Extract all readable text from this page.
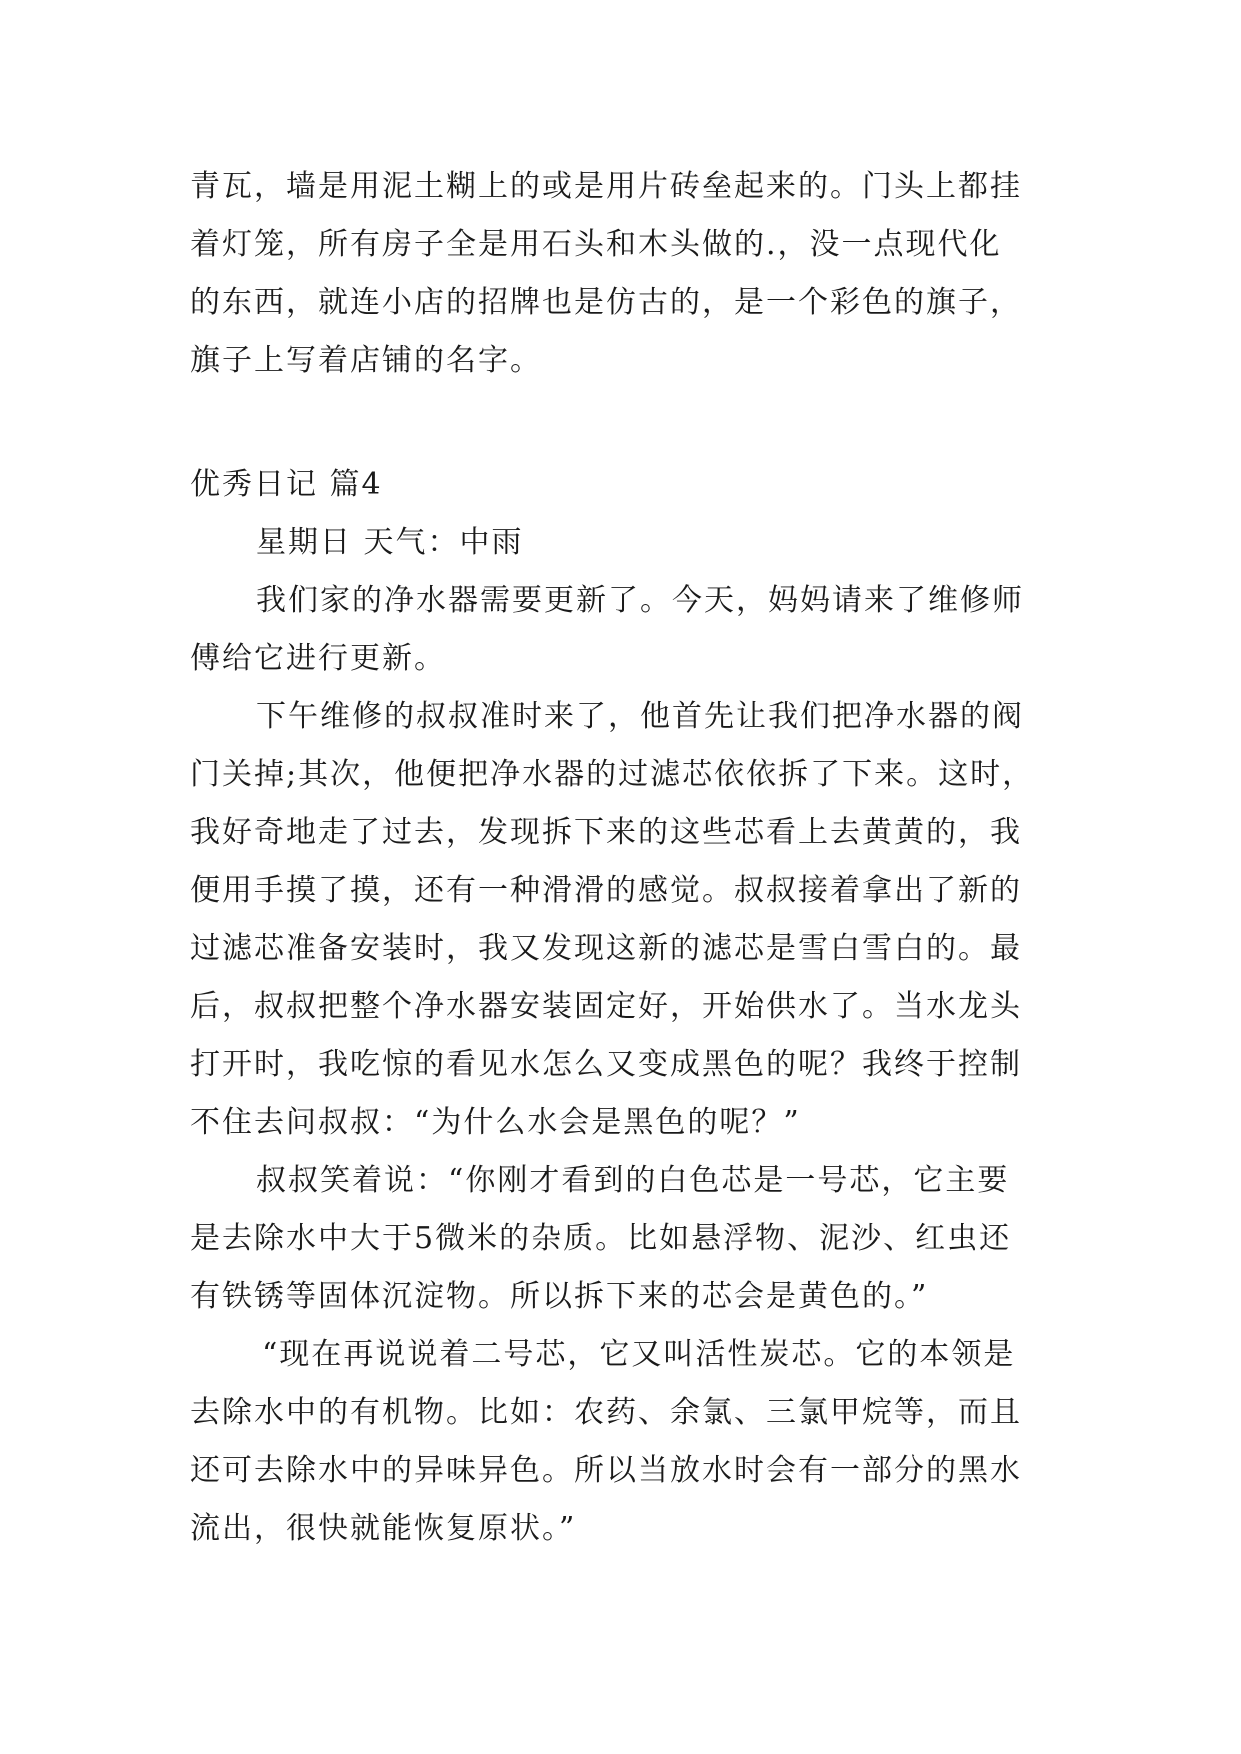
青瓦，墙是用泥土糊上的或是用片砖垒起来的。门头上都挂
着灯笼，所有房子全是用石头和木头做的.，没一点现代化
的东西，就连小店的招牌也是仿古的，是一个彩色的旗子，
旗子上写着店铺的名字。
优秀日记 篇4
星期日 天气：中雨
我们家的净水器需要更新了。今天，妈妈请来了维修师
傅给它进行更新。
下午维修的叔叔准时来了，他首先让我们把净水器的阀
门关掉;其次，他便把净水器的过滤芯依依拆了下来。这时，
我好奇地走了过去，发现拆下来的这些芯看上去黄黄的，我
便用手摸了摸，还有一种滑滑的感觉。叔叔接着拿出了新的
过滤芯准备安装时，我又发现这新的滤芯是雪白雪白的。最
后，叔叔把整个净水器安装固定好，开始供水了。当水龙头
打开时，我吃惊的看见水怎么又变成黑色的呢？我终于控制
不住去问叔叔：“为什么水会是黑色的呢？”
叔叔笑着说：“你刚才看到的白色芯是一号芯，它主要
是去除水中大于5微米的杂质。比如悬浮物、泥沙、红虫还
有铁锈等固体沉淀物。所以拆下来的芯会是黄色的。”
“现在再说说着二号芯，它又叫活性炭芯。它的本领是
去除水中的有机物。比如：农药、余氯、三氯甲烷等，而且
还可去除水中的异味异色。所以当放水时会有一部分的黑水
流出，很快就能恢复原状。”
